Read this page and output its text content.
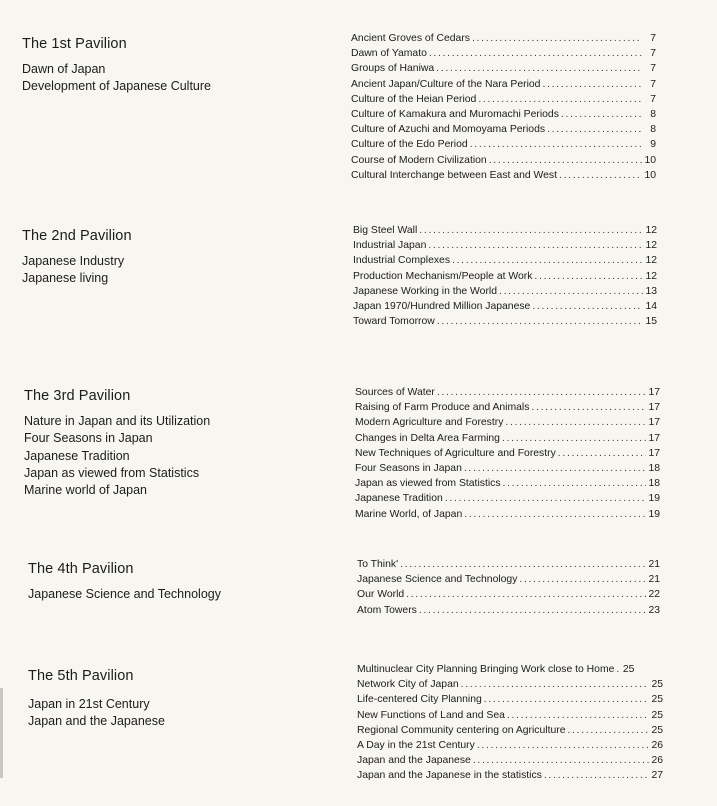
The 1st Pavilion
Dawn of Japan
Development of Japanese Culture
Ancient Groves of Cedars . . .	7
Dawn of Yamato . . .	7
Groups of Haniwa . . .	7
Ancient Japan/Culture of the Nara Period . . .	7
Culture of the Heian Period . . .	7
Culture of Kamakura and Muromachi Periods . . .	8
Culture of Azuchi and Momoyama Periods . . .	8
Culture of the Edo Period . . .	9
Course of Modern Civilization . . .	10
Cultural Interchange between East and West . . .	10
The 2nd Pavilion
Japanese Industry
Japanese living
Big Steel Wall . . .	12
Industrial Japan . . .	12
Industrial Complexes . . .	12
Production Mechanism/People at Work . . .	12
Japanese Working in the World . . .	13
Japan 1970/Hundred Million Japanese . . .	14
Toward Tomorrow . . .	15
The 3rd Pavilion
Nature in Japan and its Utilization
Four Seasons in Japan
Japanese Tradition
Japan as viewed from Statistics
Marine world of Japan
Sources of Water . . .	17
Raising of Farm Produce and Animals . . .	17
Modern Agriculture and Forestry . . .	17
Changes in Delta Area Farming . . .	17
New Techniques of Agriculture and Forestry . . .	17
Four Seasons in Japan . . .	18
Japan as viewed from Statistics . . .	18
Japanese Tradition . . .	19
Marine World, of Japan . . .	19
The 4th Pavilion
Japanese Science and Technology
To Think' . . .	21
Japanese Science and Technology . . .	21
Our World . . .	22
Atom Towers . . .	23
The 5th Pavilion
Japan in 21st Century
Japan and the Japanese
Multinuclear City Planning Bringing Work close to Home . . . 25
Network City of Japan . . .	25
Life-centered City Planning . . .	25
New Functions of Land and Sea . . .	25
Regional Community centering on Agriculture . . .	25
A Day in the 21st Century . . .	26
Japan and the Japanese . . .	26
Japan and the Japanese in the statistics . . .	27
